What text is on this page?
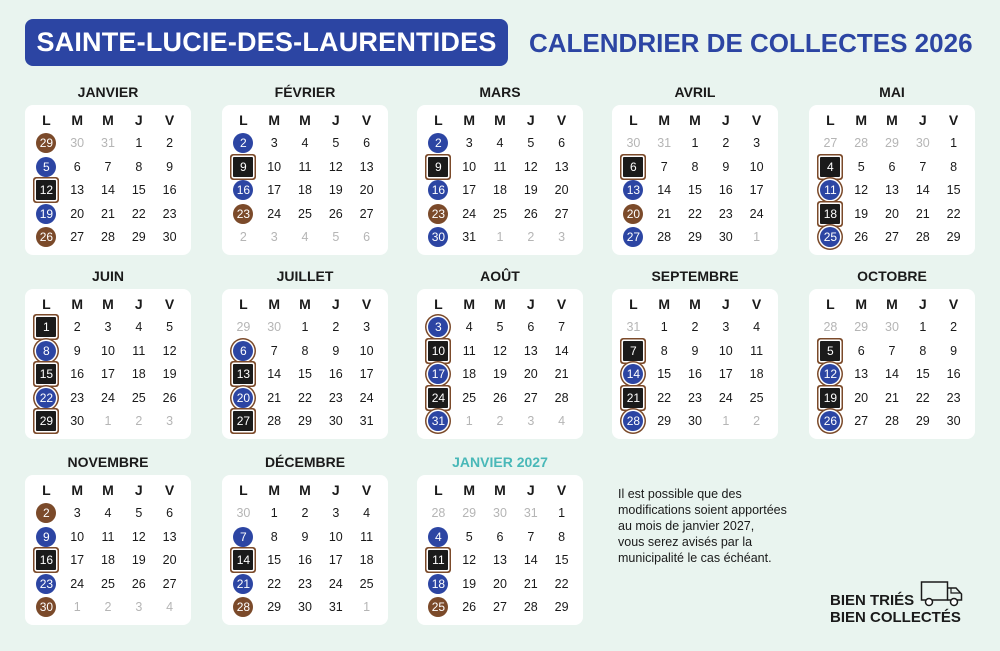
SAINTE-LUCIE-DES-LAURENTIDES	CALENDRIER DE COLLECTES 2026
JANVIER
L	M	M	J	V
29	30	31	1	2
5	6	7	8	9
12	13	14	15	16
19	20	21	22	23
26	27	28	29	30
FÉVRIER
L	M	M	J	V
2	3	4	5	6
9	10	11	12	13
16	17	18	19	20
23	24	25	26	27
2	3	4	5	6
MARS
L	M	M	J	V
2	3	4	5	6
9	10	11	12	13
16	17	18	19	20
23	24	25	26	27
30	31	1	2	3
AVRIL
L	M	M	J	V
30	31	1	2	3
6	7	8	9	10
13	14	15	16	17
20	21	22	23	24
27	28	29	30	1
MAI
L	M	M	J	V
27	28	29	30	1
4	5	6	7	8
11	12	13	14	15
18	19	20	21	22
25	26	27	28	29
JUIN
L	M	M	J	V
1	2	3	4	5
8	9	10	11	12
15	16	17	18	19
22	23	24	25	26
29	30	1	2	3
JUILLET
L	M	M	J	V
29	30	1	2	3
6	7	8	9	10
13	14	15	16	17
20	21	22	23	24
27	28	29	30	31
AOÛT
L	M	M	J	V
3	4	5	6	7
10	11	12	13	14
17	18	19	20	21
24	25	26	27	28
31	1	2	3	4
SEPTEMBRE
L	M	M	J	V
31	1	2	3	4
7	8	9	10	11
14	15	16	17	18
21	22	23	24	25
28	29	30	1	2
OCTOBRE
L	M	M	J	V
28	29	30	1	2
5	6	7	8	9
12	13	14	15	16
19	20	21	22	23
26	27	28	29	30
NOVEMBRE
L	M	M	J	V
2	3	4	5	6
9	10	11	12	13
16	17	18	19	20
23	24	25	26	27
30	1	2	3	4
DÉCEMBRE
L	M	M	J	V
30	1	2	3	4
7	8	9	10	11
14	15	16	17	18
21	22	23	24	25
28	29	30	31	1
JANVIER 2027
L	M	M	J	V
28	29	30	31	1
4	5	6	7	8
11	12	13	14	15
18	19	20	21	22
25	26	27	28	29
Il est possible que des
modifications soient apportées
au mois de janvier 2027,
vous serez avisés par la
municipalité le cas échéant.
BIEN TRIÉS
BIEN COLLECTÉS
